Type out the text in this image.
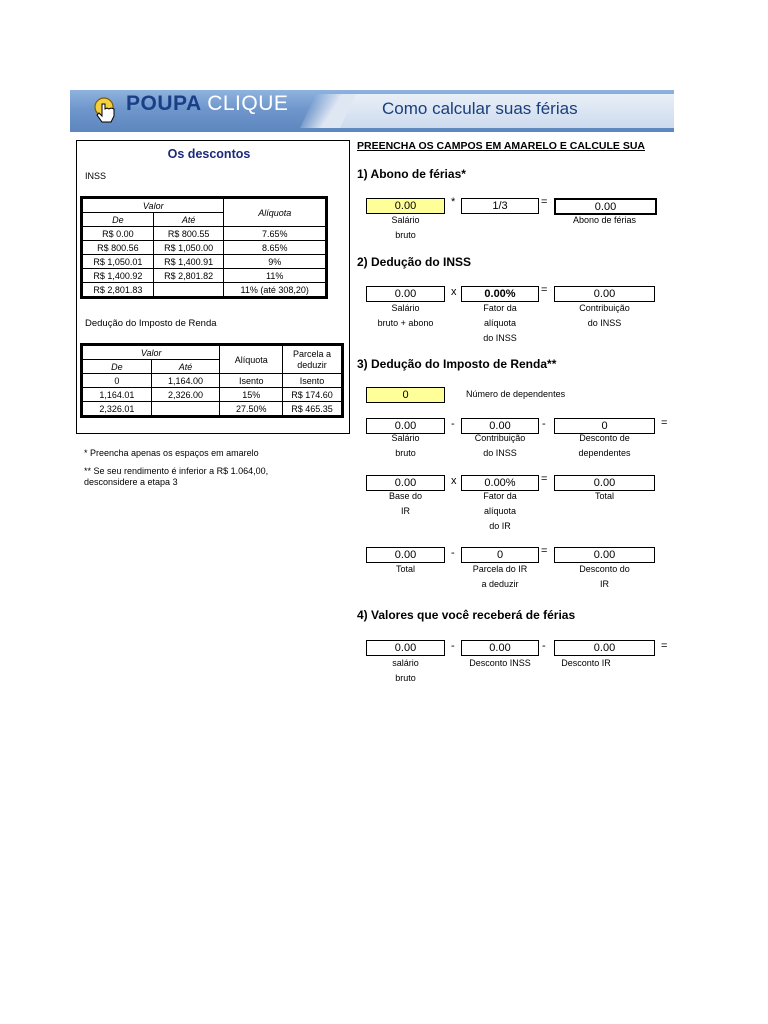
POUPA CLIQUE	Como calcular suas férias
Os descontos
INSS
Valor		Alíquota
De	Até	
R$ 0.00	R$ 800.55	7.65%
R$ 800.56	R$ 1,050.00	8.65%
R$ 1,050.01	R$ 1,400.91	9%
R$ 1,400.92	R$ 2,801.82	11%
R$ 2,801.83		11% (até 308,20)
Dedução do Imposto de Renda
Valor		Alíquota	Parcela a
deduzir
De	Até		
0	1,164.00	Isento	Isento
1,164.01	2,326.00	15%	R$ 174.60
2,326.01		27.50%	R$ 465.35
* Preencha apenas os espaços em amarelo
** Se seu rendimento é inferior a R$ 1.064,00,
desconsidere a etapa 3
PREENCHA OS CAMPOS EM AMARELO E CALCULE SUA
1) Abono de férias*
0.00	*	1/3	=	0.00
Salário
bruto
Abono de férias
2) Dedução do INSS
0.00	x	0.00%	=	0.00
Salário
bruto + abono
Fator da
alíquota
do INSS
Contribuição
do INSS
3) Dedução do Imposto de Renda**
0	Número de dependentes
0.00	-	0.00	-	0	=
Salário
bruto
Contribuição
do INSS
Desconto de
dependentes
0.00	x	0.00%	=	0.00
Base do
IR
Fator da
alíquota
do IR
Total
0.00	-	0	=	0.00
Total	Parcela do IR
a deduzir
Desconto do
IR
4) Valores que você receberá de férias
0.00	-	0.00	-	0.00	=
salário
bruto
Desconto INSS	Desconto IR
